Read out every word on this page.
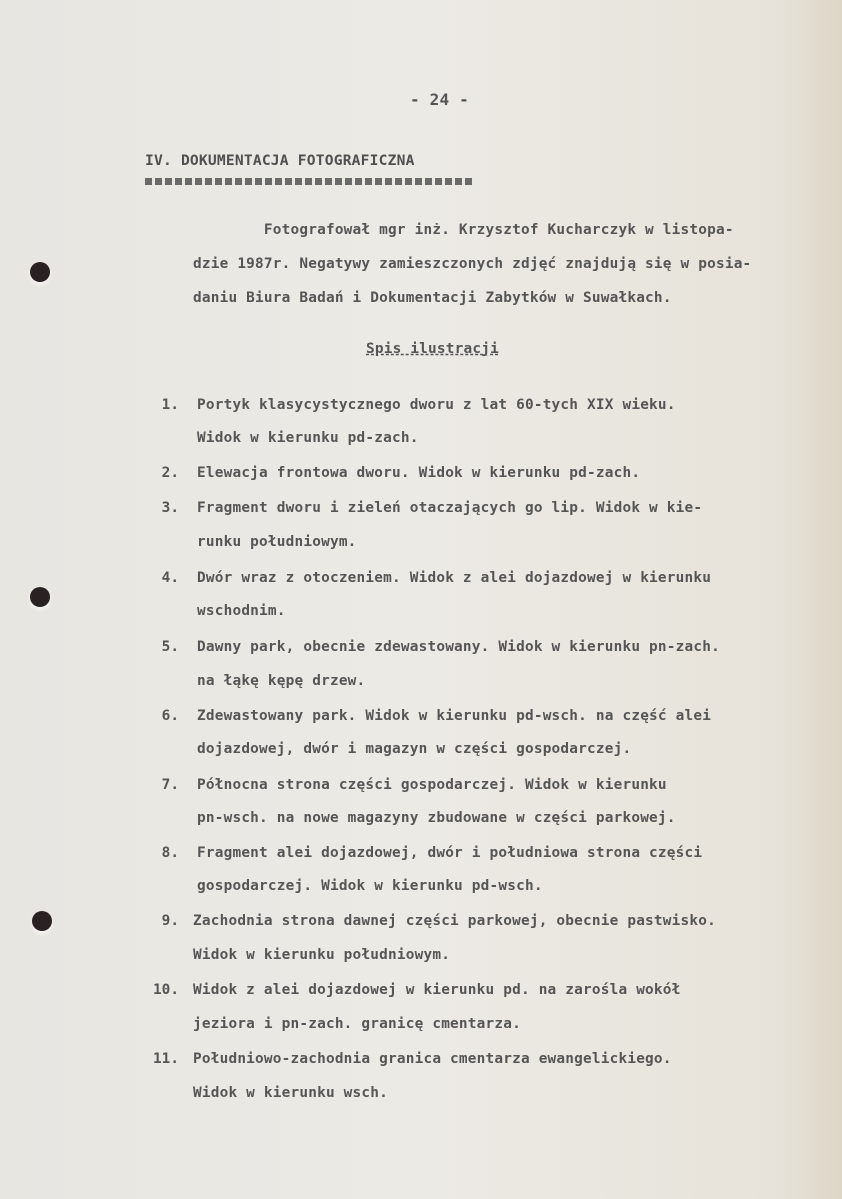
- 24 -
IV. DOKUMENTACJA FOTOGRAFICZNA
Fotografował mgr inż. Krzysztof Kucharczyk w listopa-
dzie 1987r. Negatywy zamieszczonych zdjęć znajdują się w posia-
daniu Biura Badań i Dokumentacji Zabytków w Suwałkach.
Spis ilustracji
1. Portyk klasycystycznego dworu z lat 60-tych XIX wieku.
Widok w kierunku pd-zach.
2. Elewacja frontowa dworu. Widok w kierunku pd-zach.
3. Fragment dworu i zieleń otaczających go lip. Widok w kie-
runku południowym.
4. Dwór wraz z otoczeniem. Widok z alei dojazdowej w kierunku
wschodnim.
5. Dawny park, obecnie zdewastowany. Widok w kierunku pn-zach.
na łąkę kępę drzew.
6. Zdewastowany park. Widok w kierunku pd-wsch. na część alei
dojazdowej, dwór i magazyn w części gospodarczej.
7. Północna strona części gospodarczej. Widok w kierunku
pn-wsch. na nowe magazyny zbudowane w części parkowej.
8. Fragment alei dojazdowej, dwór i południowa strona części
gospodarczej. Widok w kierunku pd-wsch.
9. Zachodnia strona dawnej części parkowej, obecnie pastwisko.
Widok w kierunku południowym.
10. Widok z alei dojazdowej w kierunku pd. na zarośla wokół
jeziora i pn-zach. granicę cmentarza.
11. Południowo-zachodnia granica cmentarza ewangelickiego.
Widok w kierunku wsch.
